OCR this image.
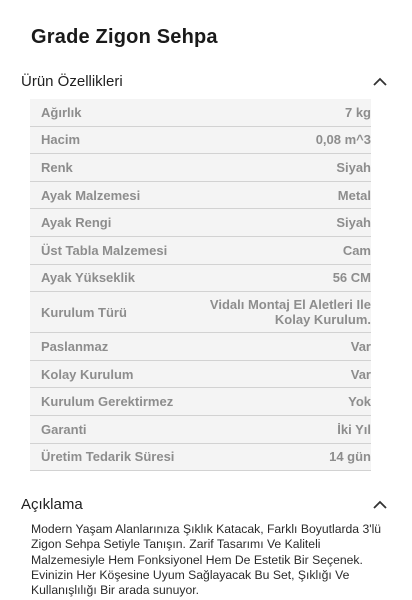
Grade Zigon Sehpa
Ürün Özellikleri
Ağırlık	7 kg
Hacim	0,08 m^3
Renk	Siyah
Ayak Malzemesi	Metal
Ayak Rengi	Siyah
Üst Tabla Malzemesi	Cam
Ayak Yükseklik	56 CM
Kurulum Türü	Vidalı Montaj El Aletleri Ile
Kolay Kurulum.
Paslanmaz	Var
Kolay Kurulum	Var
Kurulum Gerektirmez	Yok
Garanti	İki Yıl
Üretim Tedarik Süresi	14 gün
Açıklama
Modern Yaşam Alanlarınıza Şıklık Katacak, Farklı Boyutlarda 3'lü Zigon Sehpa Setiyle Tanışın. Zarif Tasarımı Ve Kaliteli Malzemesiyle Hem Fonksiyonel Hem De Estetik Bir Seçenek. Evinizin Her Köşesine Uyum Sağlayacak Bu Set, Şıklığı Ve Kullanışlılığı Bir arada sunuyor.
